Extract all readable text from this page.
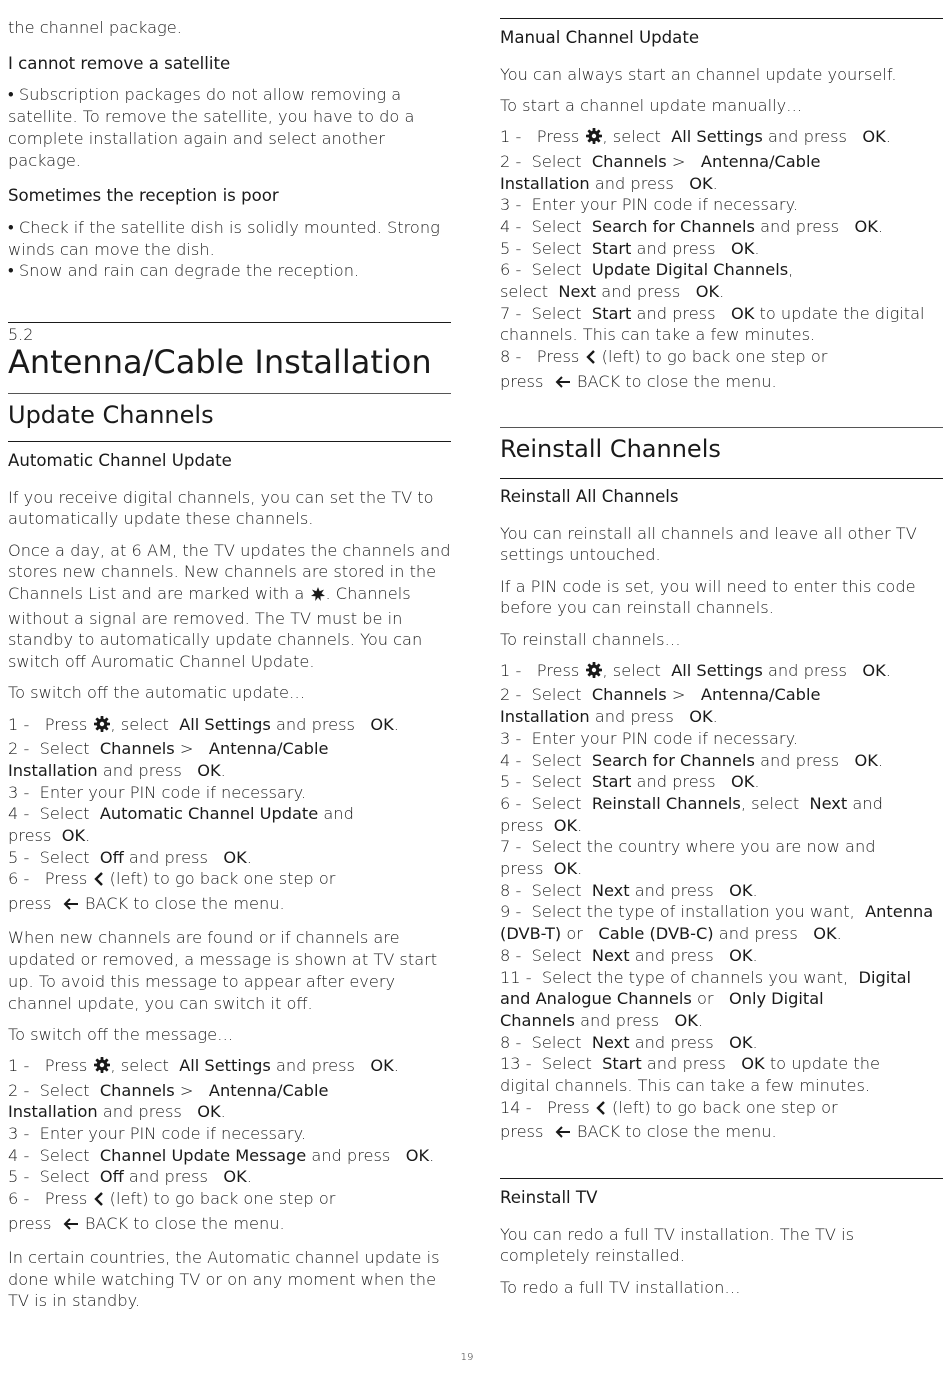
the channel package.

I cannot remove a satellite

• Subscription packages do not allow removing a satellite. To remove the satellite, you have to do a complete installation again and select another package.

Sometimes the reception is poor

• Check if the satellite dish is solidly mounted. Strong winds can move the dish.

• Snow and rain can degrade the reception.

5.2
Antenna/Cable Installation
Update Channels

Automatic Channel Update

If you receive digital channels, you can set the TV to automatically update these channels.

Once a day, at 6 AM, the TV updates the channels and stores new channels. New channels are stored in the Channels List and are marked with a . Channels without a signal are removed. The TV must be in standby to automatically update channels. You can switch off Auromatic Channel Update.

To switch off the automatic update…

1 - Press , select All Settings and press OK.

2 - Select Channels > Antenna/Cable

Installation and press OK.

3 - Enter your PIN code if necessary.

4 - Select Automatic Channel Update and

press OK.

5 - Select Off and press OK.

6 - Press (left) to go back one step or

press BACK to close the menu.

When new channels are found or if channels are updated or removed, a message is shown at TV start up. To avoid this message to appear after every channel update, you can switch it off.

To switch off the message…

1 - Press , select All Settings and press OK.

2 - Select Channels > Antenna/Cable

Installation and press OK.

3 - Enter your PIN code if necessary.

4 - Select Channel Update Message and press OK.

5 - Select Off and press OK.

6 - Press (left) to go back one step or

press BACK to close the menu.

In certain countries, the Automatic channel update is done while watching TV or on any moment when the TV is in standby.

Manual Channel Update

You can always start an channel update yourself.

To start a channel update manually…

1 - Press , select All Settings and press OK.

2 - Select Channels > Antenna/Cable

Installation and press OK.

3 - Enter your PIN code if necessary.

4 - Select Search for Channels and press OK.

5 - Select Start and press OK.

6 - Select Update Digital Channels,

select Next and press OK.

7 - Select Start and press OK to update the digital channels. This can take a few minutes.

8 - Press (left) to go back one step or

press BACK to close the menu.

Reinstall Channels

Reinstall All Channels

You can reinstall all channels and leave all other TV settings untouched.

If a PIN code is set, you will need to enter this code before you can reinstall channels.

To reinstall channels…

1 - Press , select All Settings and press OK.

2 - Select Channels > Antenna/Cable

Installation and press OK.

3 - Enter your PIN code if necessary.

4 - Select Search for Channels and press OK.

5 - Select Start and press OK.

6 - Select Reinstall Channels, select Next and

press OK.

7 - Select the country where you are now and

press OK.

8 - Select Next and press OK.

9 - Select the type of installation you want, Antenna

(DVB-T) or Cable (DVB-C) and press OK.

8 - Select Next and press OK.

11 - Select the type of channels you want, Digital

and Analogue Channels or Only Digital

Channels and press OK.

8 - Select Next and press OK.

13 - Select Start and press OK to update the

digital channels. This can take a few minutes.

14 - Press (left) to go back one step or

press BACK to close the menu.

Reinstall TV

You can redo a full TV installation. The TV is completely reinstalled.

To redo a full TV installation…

19
